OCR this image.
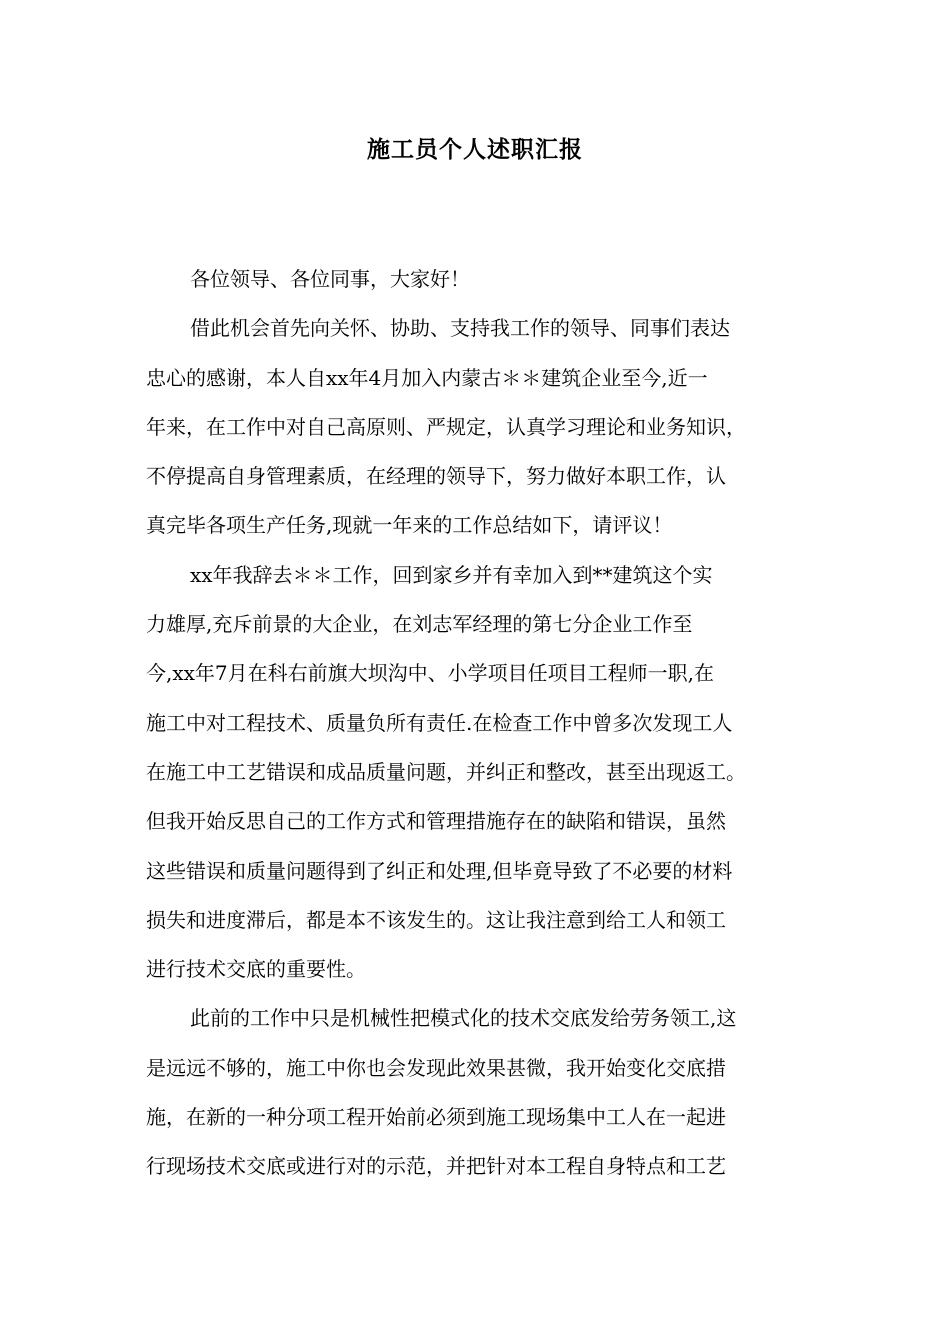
施工员个人述职汇报

各位领导、各位同事，大家好！

借此机会首先向关怀、协助、支持我工作的领导、同事们表达
忠心的感谢，本人自xx年4月加入内蒙古＊＊建筑企业至今,近一
年来，在工作中对自己高原则、严规定，认真学习理论和业务知识，
不停提高自身管理素质，在经理的领导下，努力做好本职工作，认
真完毕各项生产任务,现就一年来的工作总结如下，请评议！

xx年我辞去＊＊工作，回到家乡并有幸加入到**建筑这个实
力雄厚,充斥前景的大企业，在刘志军经理的第七分企业工作至
今,xx年7月在科右前旗大坝沟中、小学项目任项目工程师一职,在
施工中对工程技术、质量负所有责任.在检查工作中曾多次发现工人
在施工中工艺错误和成品质量问题，并纠正和整改，甚至出现返工。
但我开始反思自己的工作方式和管理措施存在的缺陷和错误，虽然
这些错误和质量问题得到了纠正和处理,但毕竟导致了不必要的材料
损失和进度滞后，都是本不该发生的。这让我注意到给工人和领工
进行技术交底的重要性。

此前的工作中只是机械性把模式化的技术交底发给劳务领工,这
是远远不够的，施工中你也会发现此效果甚微，我开始变化交底措
施，在新的一种分项工程开始前必须到施工现场集中工人在一起进
行现场技术交底或进行对的示范，并把针对本工程自身特点和工艺
